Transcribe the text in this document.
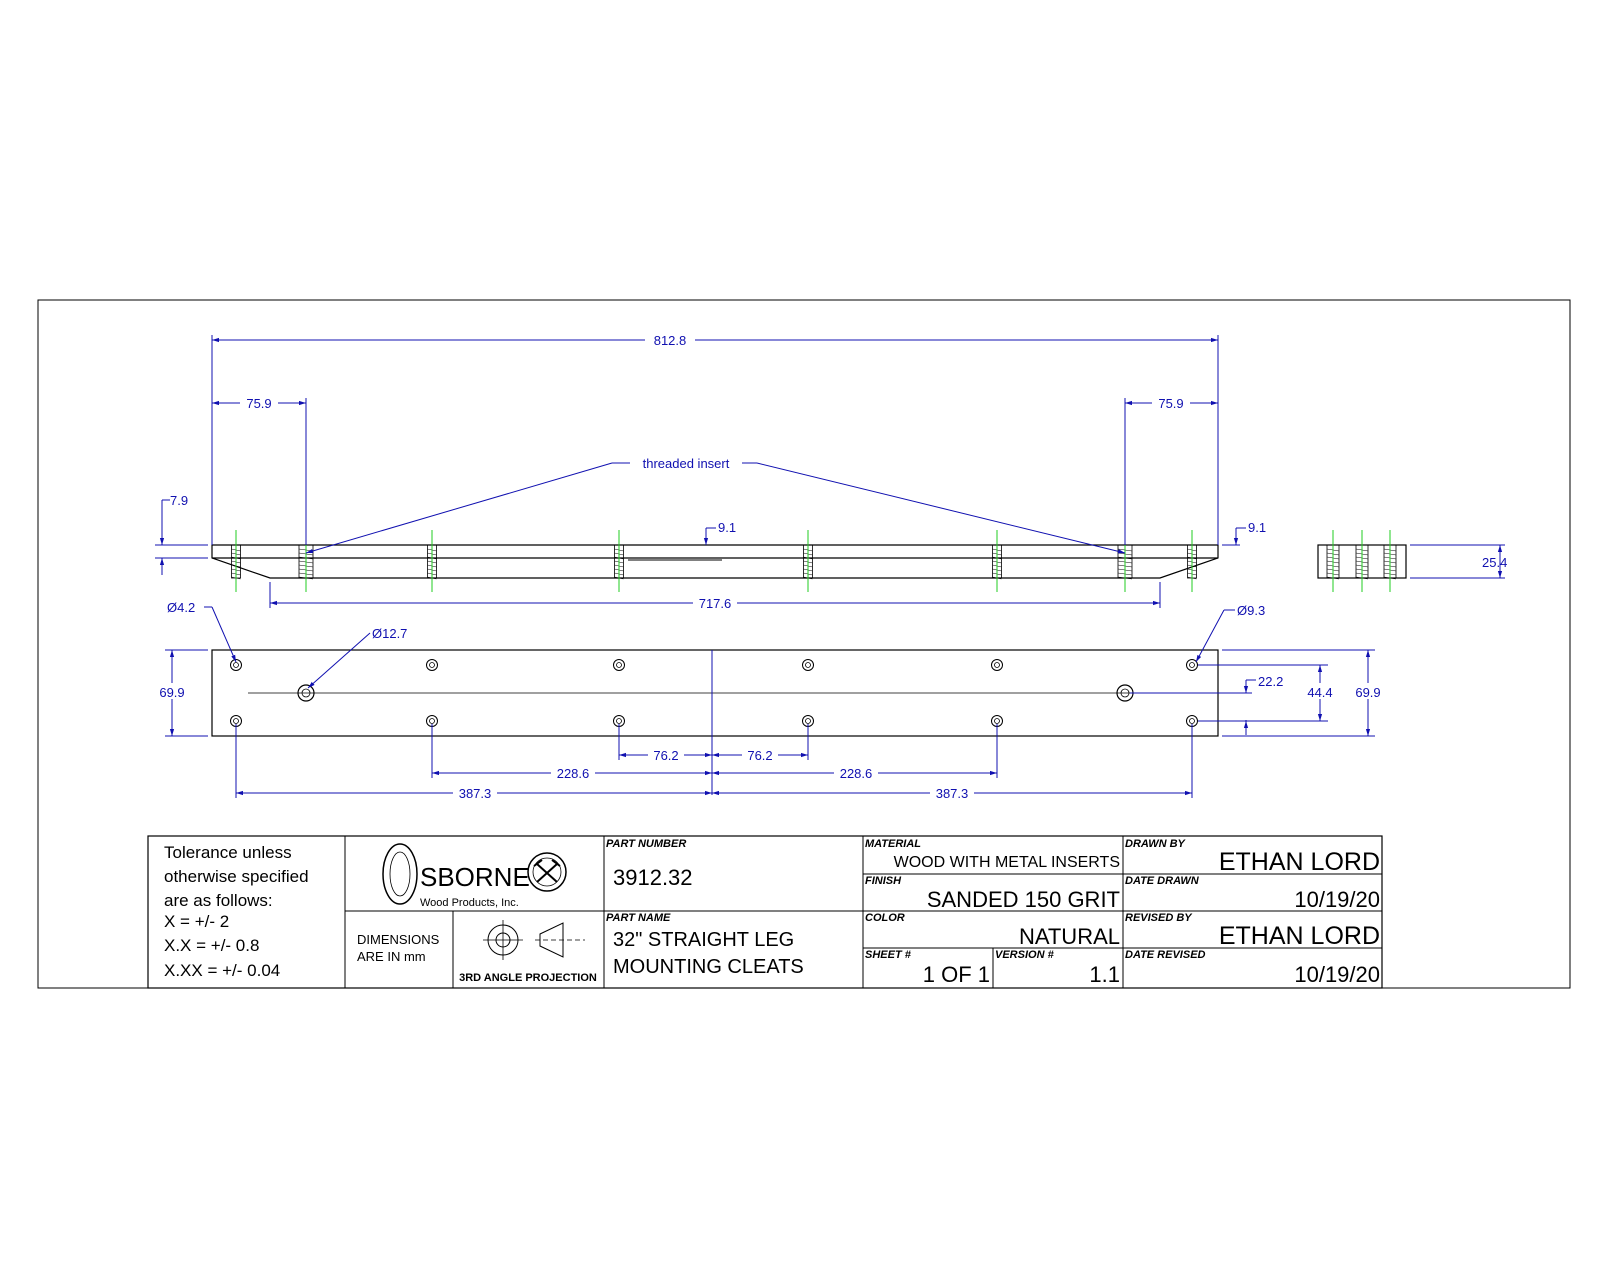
812.8
75.9	75.9
threaded insert
7.9
9.1	9.1
717.6
25.4
Ø4.2
Ø12.7
Ø9.3
69.9	69.9
44.4
22.2
76.2	76.2
228.6	228.6
387.3	387.3
Tolerance unless
otherwise specified
are as follows:
X = +/- 2
X.X = +/- 0.8
X.XX = +/- 0.04
SBORNE
Wood Products, Inc.
DIMENSIONS
ARE IN mm
3RD ANGLE PROJECTION
PART NUMBER
3912.32
PART NAME
32" STRAIGHT LEG
MOUNTING CLEATS
MATERIAL
WOOD WITH METAL INSERTS
FINISH
SANDED 150 GRIT
COLOR
NATURAL
SHEET #
1 OF 1
VERSION #
1.1
DRAWN BY
ETHAN LORD
DATE DRAWN
10/19/20
REVISED BY
ETHAN LORD
DATE REVISED
10/19/20
